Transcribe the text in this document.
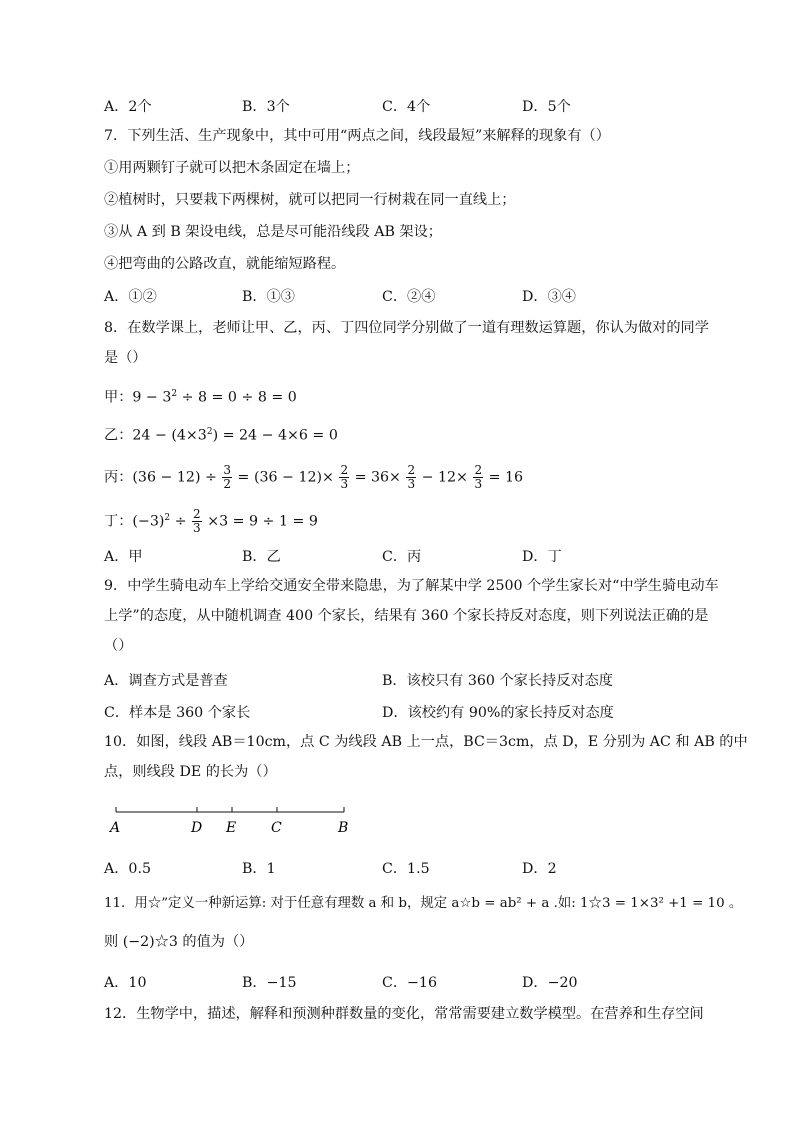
A．2个	B．3个	C．4个	D．5个
7．下列生活、生产现象中，其中可用“两点之间，线段最短”来解释的现象有（）
①用两颗钉子就可以把木条固定在墙上；
②植树时，只要栽下两棵树，就可以把同一行树栽在同一直线上；
③从 A 到 B 架设电线，总是尽可能沿线段 AB 架设；
④把弯曲的公路改直，就能缩短路程。
A．①②	B．①③	C．②④	D．③④
8．在数学课上，老师让甲、乙，丙、丁四位同学分别做了一道有理数运算题，你认为做对的同学
是（）
甲：$9 - 3^2 \div 8 = 0 \div 8 = 0$
乙：$24 - (4\times 3^2) = 24 - 4\times 6 = 0$
丙：$(36 - 12) \div \frac{3}{2} = (36 - 12)\times \frac{2}{3} = 36\times \frac{2}{3} - 12\times \frac{2}{3} = 16$
丁：$(-3)^2 \div \frac{2}{3} \times 3 = 9 \div 1 = 9$
A．甲	B．乙	C．丙	D．丁
9．中学生骑电动车上学给交通安全带来隐患，为了解某中学 2500 个学生家长对“中学生骑电动车
上学”的态度，从中随机调查 400 个家长，结果有 360 个家长持反对态度，则下列说法正确的是
（）
A．调查方式是普查	B．该校只有 360 个家长持反对态度
C．样本是 360 个家长	D．该校约有 90%的家长持反对态度
10．如图，线段 AB＝10cm，点 C 为线段 AB 上一点，BC＝3cm，点 D，E 分别为 AC 和 AB 的中
点，则线段 DE 的长为（）
A	D E C	B
A．0.5	B．1	C．1.5	D．2
11．用☆”定义一种新运算: 对于任意有理数 a 和 b，规定 a☆b = ab² + a .如: 1☆3 = 1×3² +1 = 10 。
则 (−2)☆3 的值为（）
A．10	B．−15	C．−16	D．−20
12．生物学中，描述，解释和预测种群数量的变化，常常需要建立数学模型。在营养和生存空间
